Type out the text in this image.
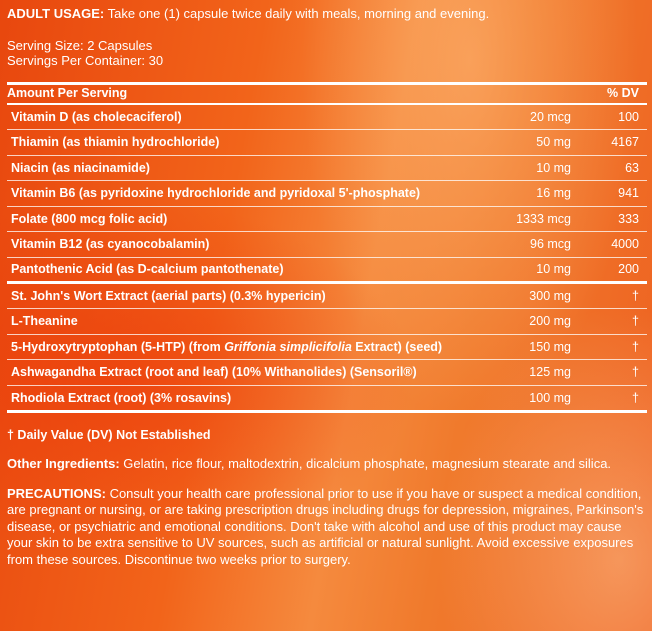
ADULT USAGE: Take one (1) capsule twice daily with meals, morning and evening.

Serving Size: 2 Capsules

Servings Per Container: 30

Amount Per Serving	% DV
Vitamin D (as cholecaciferol)	20 mcg	100
Thiamin (as thiamin hydrochloride)	50 mg	4167
Niacin (as niacinamide)	10 mg	63
Vitamin B6 (as pyridoxine hydrochloride and pyridoxal 5'-phosphate)	16 mg	941
Folate (800 mcg folic acid)	1333 mcg	333
Vitamin B12 (as cyanocobalamin)	96 mcg	4000
Pantothenic Acid (as D-calcium pantothenate)	10 mg	200
St. John's Wort Extract (aerial parts) (0.3% hypericin)	300 mg	†
L-Theanine	200 mg	†
5-Hydroxytryptophan (5-HTP) (from Griffonia simplicifolia Extract) (seed)	150 mg	†
Ashwagandha Extract (root and leaf) (10% Withanolides) (Sensoril®)	125 mg	†
Rhodiola Extract (root) (3% rosavins)	100 mg	†

† Daily Value (DV) Not Established

Other Ingredients: Gelatin, rice flour, maltodextrin, dicalcium phosphate, magnesium stearate and silica.

PRECAUTIONS: Consult your health care professional prior to use if you have or suspect a medical condition, are pregnant or nursing, or are taking prescription drugs including drugs for depression, migraines, Parkinson's disease, or psychiatric and emotional conditions. Don't take with alcohol and use of this product may cause your skin to be extra sensitive to UV sources, such as artificial or natural sunlight. Avoid excessive exposures from these sources. Discontinue two weeks prior to surgery.
